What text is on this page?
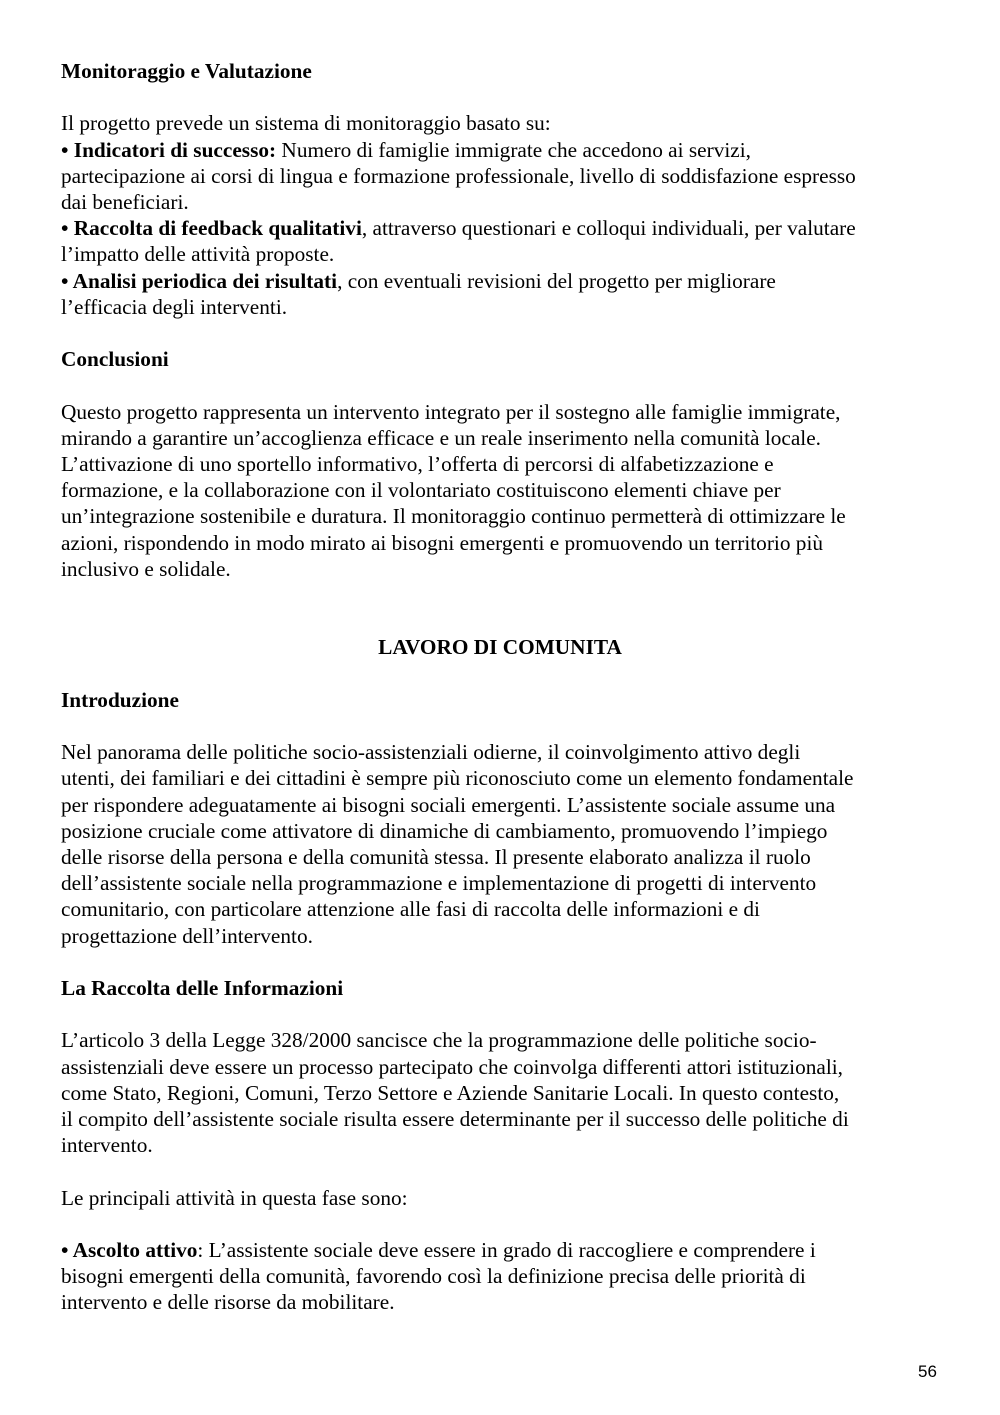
Monitoraggio e Valutazione
Il progetto prevede un sistema di monitoraggio basato su:
• Indicatori di successo: Numero di famiglie immigrate che accedono ai servizi,
partecipazione ai corsi di lingua e formazione professionale, livello di soddisfazione espresso
dai beneficiari.
• Raccolta di feedback qualitativi, attraverso questionari e colloqui individuali, per valutare
l’impatto delle attività proposte.
• Analisi periodica dei risultati, con eventuali revisioni del progetto per migliorare
l’efficacia degli interventi.
Conclusioni
Questo progetto rappresenta un intervento integrato per il sostegno alle famiglie immigrate,
mirando a garantire un’accoglienza efficace e un reale inserimento nella comunità locale.
L’attivazione di uno sportello informativo, l’offerta di percorsi di alfabetizzazione e
formazione, e la collaborazione con il volontariato costituiscono elementi chiave per
un’integrazione sostenibile e duratura. Il monitoraggio continuo permetterà di ottimizzare le
azioni, rispondendo in modo mirato ai bisogni emergenti e promuovendo un territorio più
inclusivo e solidale.
LAVORO DI COMUNITA
Introduzione
Nel panorama delle politiche socio-assistenziali odierne, il coinvolgimento attivo degli
utenti, dei familiari e dei cittadini è sempre più riconosciuto come un elemento fondamentale
per rispondere adeguatamente ai bisogni sociali emergenti. L’assistente sociale assume una
posizione cruciale come attivatore di dinamiche di cambiamento, promuovendo l’impiego
delle risorse della persona e della comunità stessa. Il presente elaborato analizza il ruolo
dell’assistente sociale nella programmazione e implementazione di progetti di intervento
comunitario, con particolare attenzione alle fasi di raccolta delle informazioni e di
progettazione dell’intervento.
La Raccolta delle Informazioni
L’articolo 3 della Legge 328/2000 sancisce che la programmazione delle politiche socio-
assistenziali deve essere un processo partecipato che coinvolga differenti attori istituzionali,
come Stato, Regioni, Comuni, Terzo Settore e Aziende Sanitarie Locali. In questo contesto,
il compito dell’assistente sociale risulta essere determinante per il successo delle politiche di
intervento.
Le principali attività in questa fase sono:
• Ascolto attivo: L’assistente sociale deve essere in grado di raccogliere e comprendere i
bisogni emergenti della comunità, favorendo così la definizione precisa delle priorità di
intervento e delle risorse da mobilitare.
56
